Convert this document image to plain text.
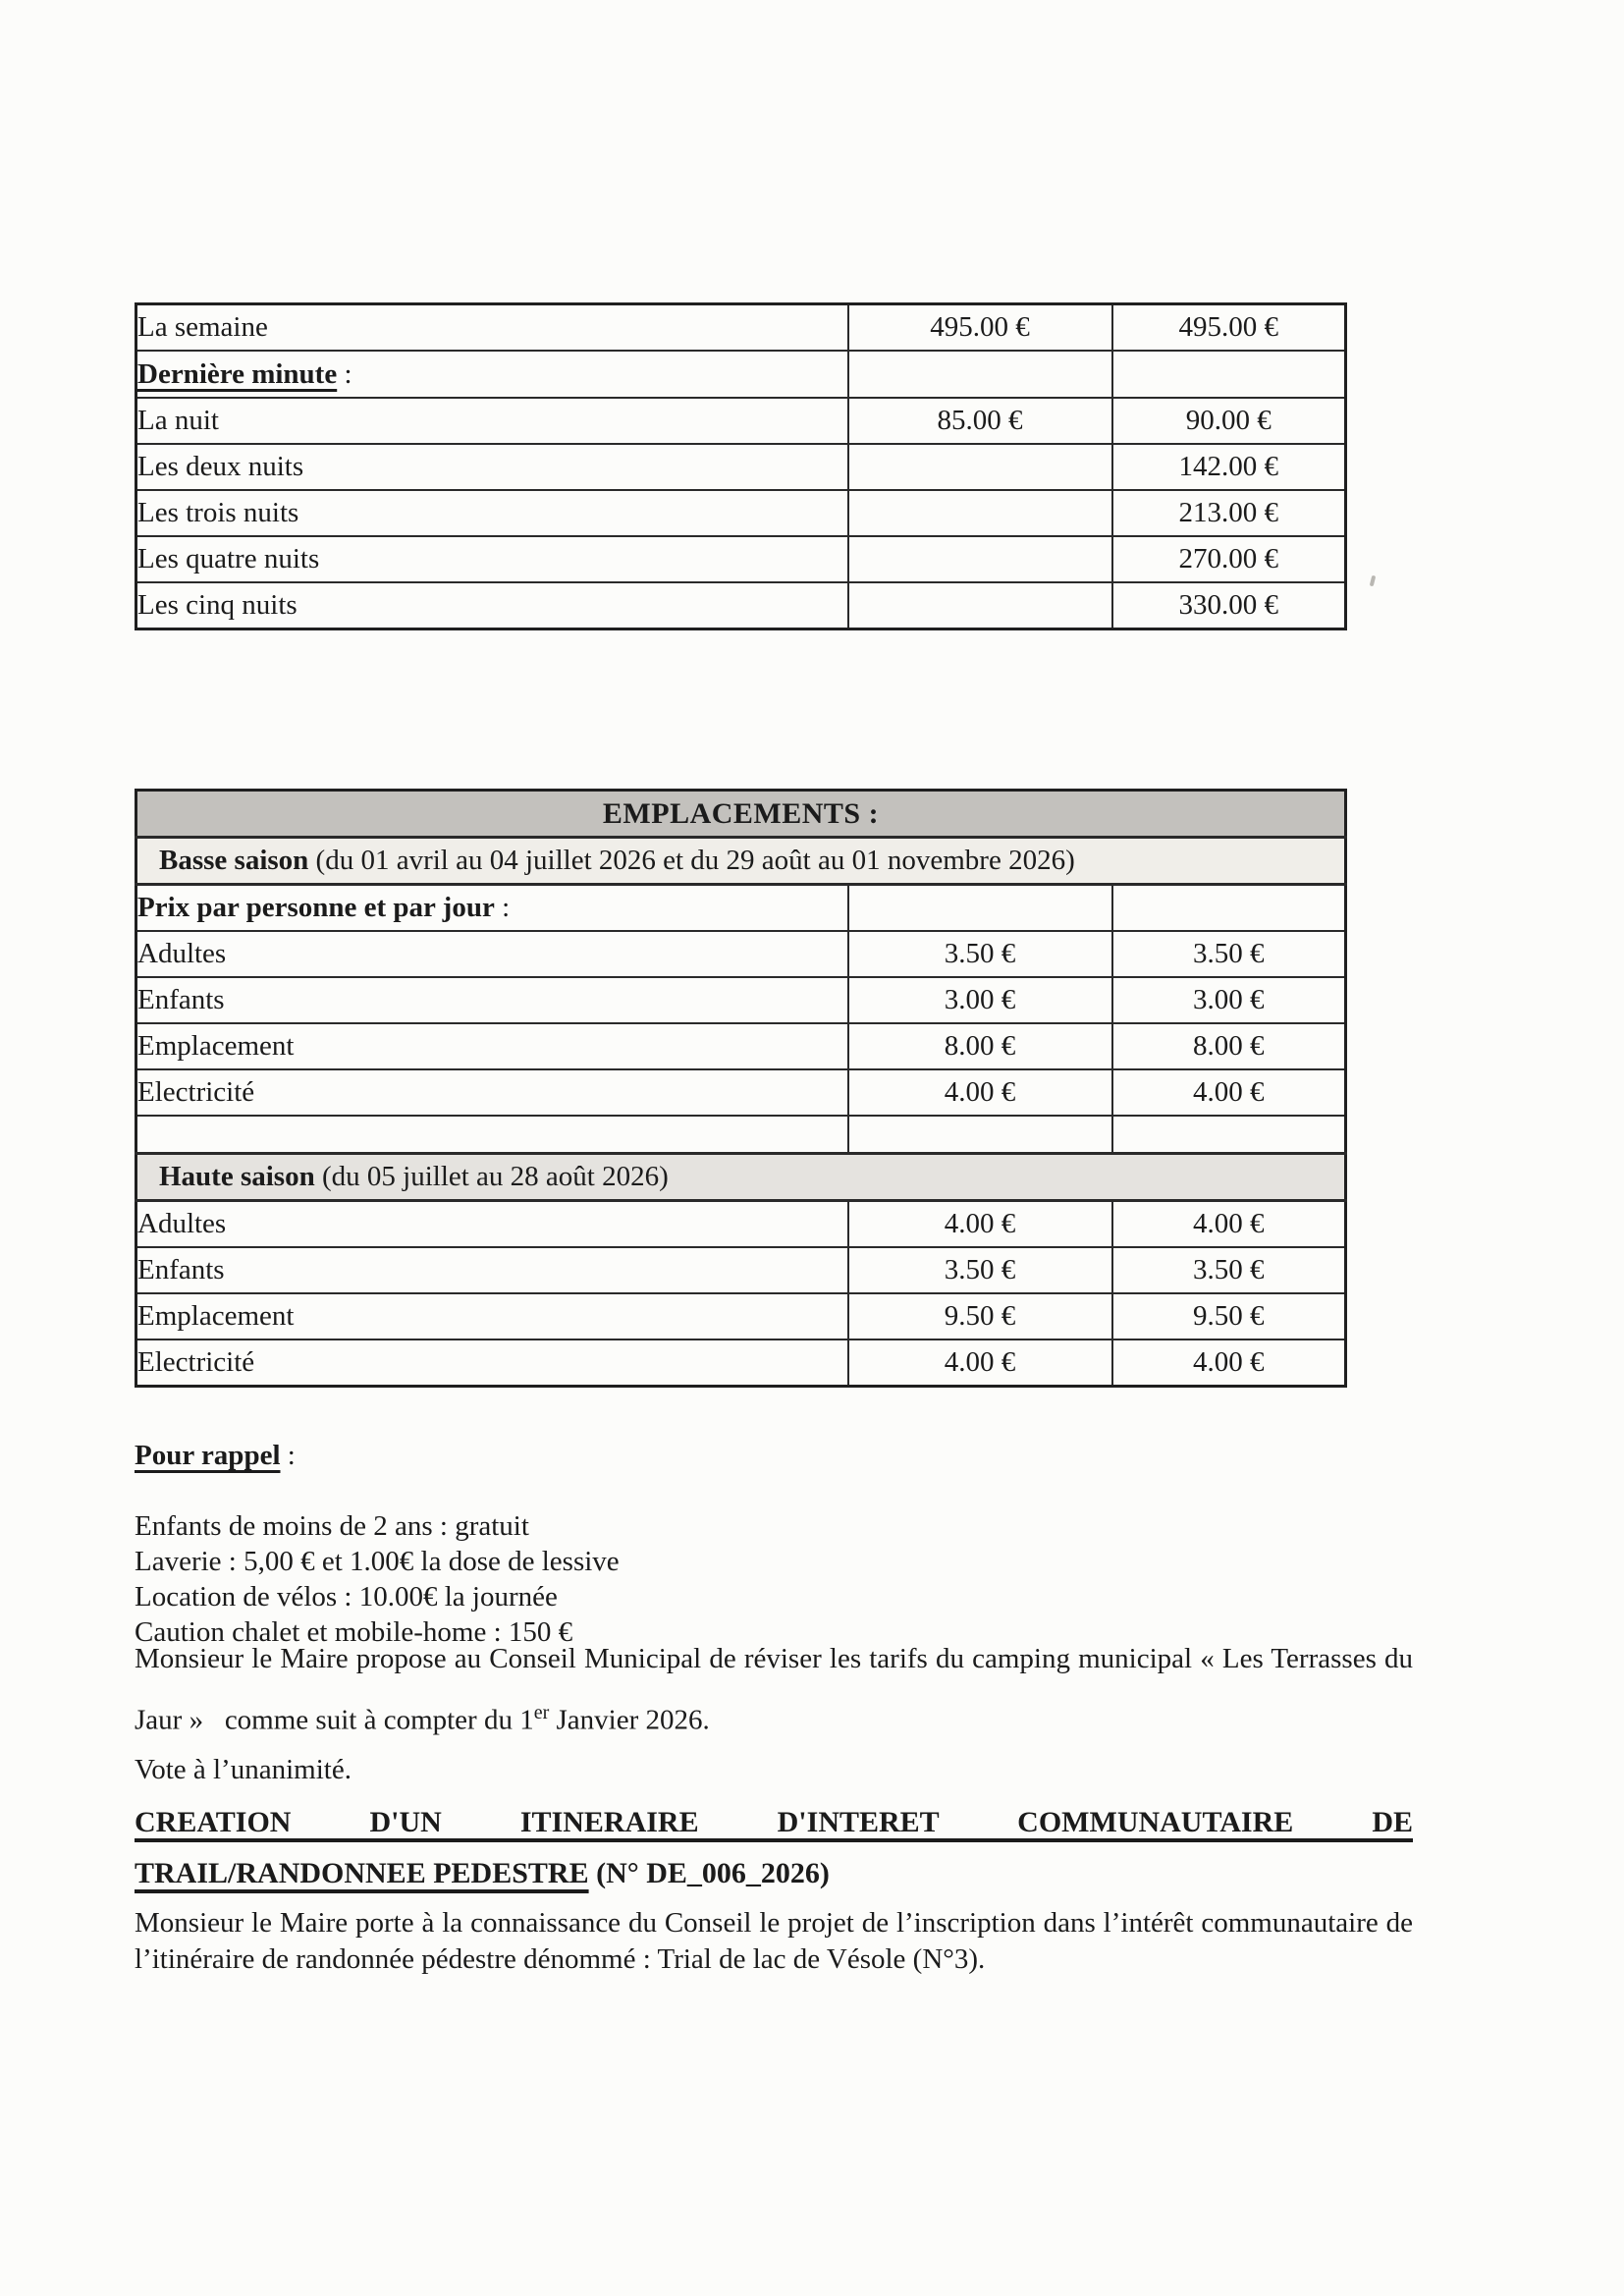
La semaine	495.00 €	495.00 €
Dernière minute :		
La nuit	85.00 €	90.00 €
Les deux nuits		142.00 €
Les trois nuits		213.00 €
Les quatre nuits		270.00 €
Les cinq nuits		330.00 €
EMPLACEMENTS :		
Basse saison (du 01 avril au 04 juillet 2026 et du 29 août au 01 novembre 2026)		
Prix par personne et par jour :		
Adultes	3.50 €	3.50 €
Enfants	3.00 €	3.00 €
Emplacement	8.00 €	8.00 €
Electricité	4.00 €	4.00 €

Haute saison (du 05 juillet au 28 août 2026)		
Adultes	4.00 €	4.00 €
Enfants	3.50 €	3.50 €
Emplacement	9.50 €	9.50 €
Electricité	4.00 €	4.00 €
Pour rappel :
Enfants de moins de 2 ans : gratuit
Laverie : 5,00 € et 1.00€ la dose de lessive
Location de vélos : 10.00€ la journée
Caution chalet et mobile-home : 150 €

Monsieur le Maire propose au Conseil Municipal de réviser les tarifs du camping municipal « Les Terrasses du Jaur »   comme suit à compter du 1er Janvier 2026.

Vote à l’unanimité.

CREATION D'UN ITINERAIRE D'INTERET COMMUNAUTAIRE DE
TRAIL/RANDONNEE PEDESTRE (N° DE_006_2026)

Monsieur le Maire porte à la connaissance du Conseil le projet de l’inscription dans l’intérêt communautaire de l’itinéraire de randonnée pédestre dénommé : Trial de lac de Vésole (N°3).
